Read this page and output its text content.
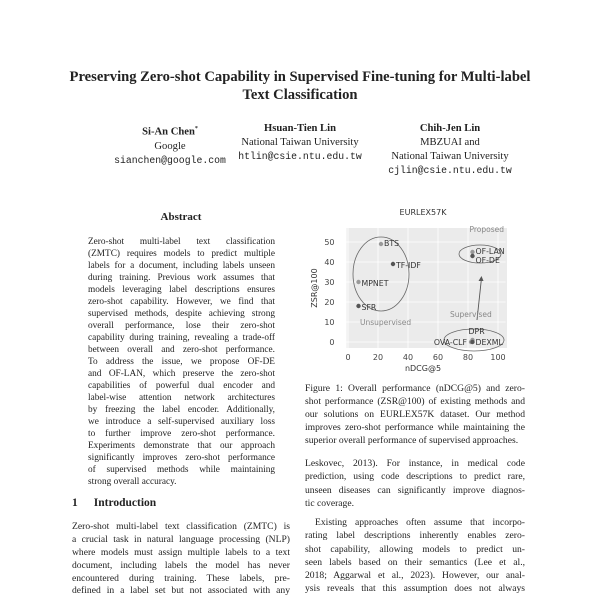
Preserving Zero-shot Capability in Supervised Fine-tuning for Multi-label
Text Classification
Si-An Chen*
Google
sianchen@google.com
Hsuan-Tien Lin
National Taiwan University
htlin@csie.ntu.edu.tw
Chih-Jen Lin
MBZUAI and
National Taiwan University
cjlin@csie.ntu.edu.tw
Abstract
Zero-shot multi-label text classification
(ZMTC) requires models to predict multiple
labels for a document, including labels unseen
during training. Previous work assumes that
models leveraging label descriptions ensures
zero-shot capability. However, we find that
supervised methods, despite achieving strong
overall performance, lose their zero-shot
capability during training, revealing a trade-off
between overall and zero-shot performance.
To address the issue, we propose OF-DE
and OF-LAN, which preserve the zero-shot
capabilities of powerful dual encoder and
label-wise attention network architectures
by freezing the label encoder. Additionally,
we introduce a self-supervised auxiliary loss
to further improve zero-shot performance.
Experiments demonstrate that our approach
significantly improves zero-shot performance
of supervised methods while maintaining
strong overall accuracy.
1 Introduction
Zero-shot multi-label text classification (ZMTC) is
a crucial task in natural language processing (NLP)
where models must assign multiple labels to a text
document, including labels the model has never
encountered during training. These labels, pre-
defined in a label set but not associated with any
0
10
20
30
40
50
0	20 40 60 80 100
EURLEX57K
nDCG@5
ZSR@100
Unsupervised
Supervised
Proposed
BTS
TF-IDF
MPNET
SFR
OF-LAN
OF-DE
DPR
OVA-CLF DEXML
Figure 1: Overall performance (nDCG@5) and zero-
shot performance (ZSR@100) of existing methods and
our solutions on EURLEX57K dataset. Our method
improves zero-shot performance while maintaining the
superior overall performance of supervised approaches.
Leskovec, 2013). For instance, in medical code
prediction, using code descriptions to predict rare,
unseen diseases can significantly improve diagnos-
tic coverage.
Existing approaches often assume that incorpo-
rating label descriptions inherently enables zero-
shot capability, allowing models to predict un-
seen labels based on their semantics (Lee et al.,
2018; Aggarwal et al., 2023). However, our anal-
ysis reveals that this assumption does not always
